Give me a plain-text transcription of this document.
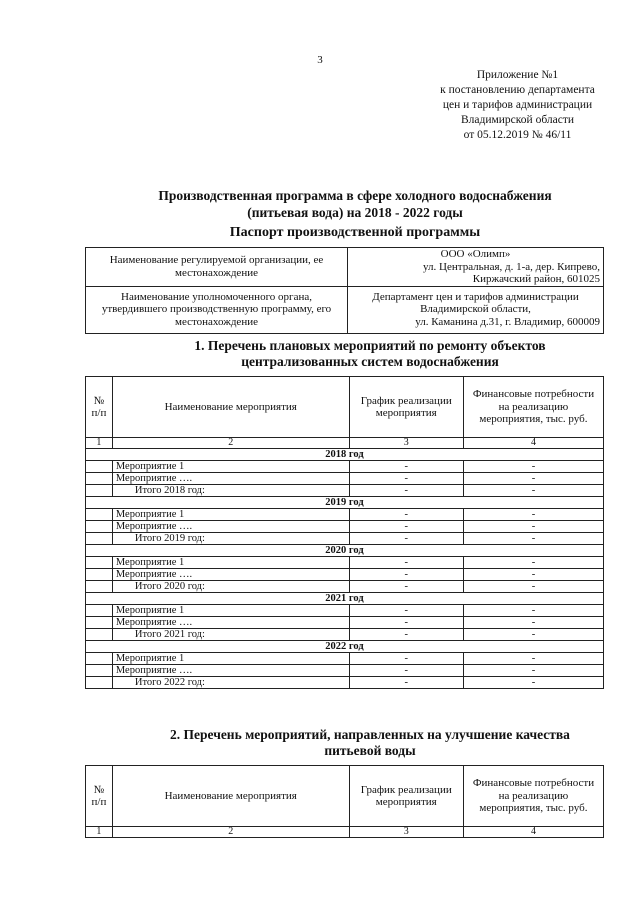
3
Приложение №1
к постановлению департамента
цен и тарифов администрации
Владимирской области
от 05.12.2019 № 46/11
Производственная программа в сфере холодного водоснабжения
(питьевая вода) на 2018 - 2022 годы
Паспорт производственной программы
Наименование регулируемой организации, ее местонахождение	ООО «Олимп»
ул. Центральная, д. 1-а, дер. Кипрево,
Киржачский район, 601025

Наименование уполномоченного органа, утвердившего производственную программу, его местонахождение	Департамент цен и тарифов администрации
Владимирской области,
ул. Каманина д.31, г. Владимир, 600009
1. Перечень плановых мероприятий по ремонту объектов
централизованных систем водоснабжения
№ п/п	Наименование мероприятия	График реализации мероприятия	Финансовые потребности на реализацию мероприятия, тыс. руб.
1	2	3	4
2018 год			
	Мероприятие 1	-	-
	Мероприятие ….	-	-
	Итого 2018 год:	-	-
2019 год			
	Мероприятие 1	-	-
	Мероприятие ….	-	-
	Итого 2019 год:	-	-
2020 год			
	Мероприятие 1	-	-
	Мероприятие ….	-	-
	Итого 2020 год:	-	-
2021 год			
	Мероприятие 1	-	-
	Мероприятие ….	-	-
	Итого 2021 год:	-	-
2022 год			
	Мероприятие 1	-	-
	Мероприятие ….	-	-
	Итого 2022 год:	-	-
2. Перечень мероприятий, направленных на улучшение качества
питьевой воды
№ п/п	Наименование мероприятия	График реализации мероприятия	Финансовые потребности на реализацию мероприятия, тыс. руб.
1	2	3	4
